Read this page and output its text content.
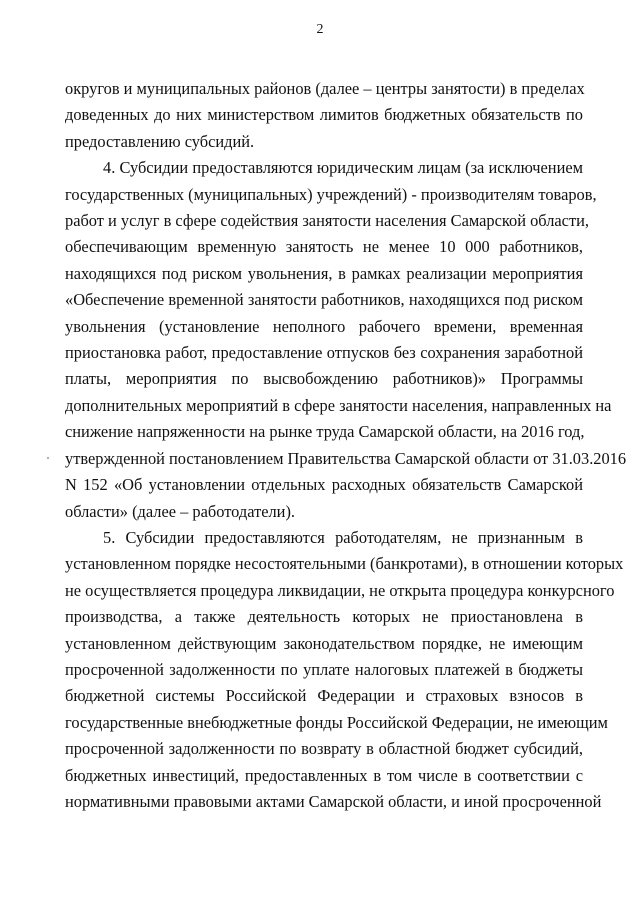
2
округов и муниципальных районов (далее – центры занятости) в пределах
доведенных до них министерством лимитов бюджетных обязательств по
предоставлению субсидий.
4. Субсидии предоставляются юридическим лицам (за исключением
государственных (муниципальных) учреждений) - производителям товаров,
работ и услуг в сфере содействия занятости населения Самарской области,
обеспечивающим временную занятость не менее 10 000 работников,
находящихся под риском увольнения, в рамках реализации мероприятия
«Обеспечение временной занятости работников, находящихся под риском
увольнения (установление неполного рабочего времени, временная
приостановка работ, предоставление отпусков без сохранения заработной
платы, мероприятия по высвобождению работников)» Программы
дополнительных мероприятий в сфере занятости населения, направленных на
снижение напряженности на рынке труда Самарской области, на 2016 год,
утвержденной постановлением Правительства Самарской области от 31.03.2016
N 152 «Об установлении отдельных расходных обязательств Самарской
области» (далее – работодатели).
5. Субсидии предоставляются работодателям, не признанным в
установленном порядке несостоятельными (банкротами), в отношении которых
не осуществляется процедура ликвидации, не открыта процедура конкурсного
производства, а также деятельность которых не приостановлена в
установленном действующим законодательством порядке, не имеющим
просроченной задолженности по уплате налоговых платежей в бюджеты
бюджетной системы Российской Федерации и страховых взносов в
государственные внебюджетные фонды Российской Федерации, не имеющим
просроченной задолженности по возврату в областной бюджет субсидий,
бюджетных инвестиций, предоставленных в том числе в соответствии с
нормативными правовыми актами Самарской области, и иной просроченной
